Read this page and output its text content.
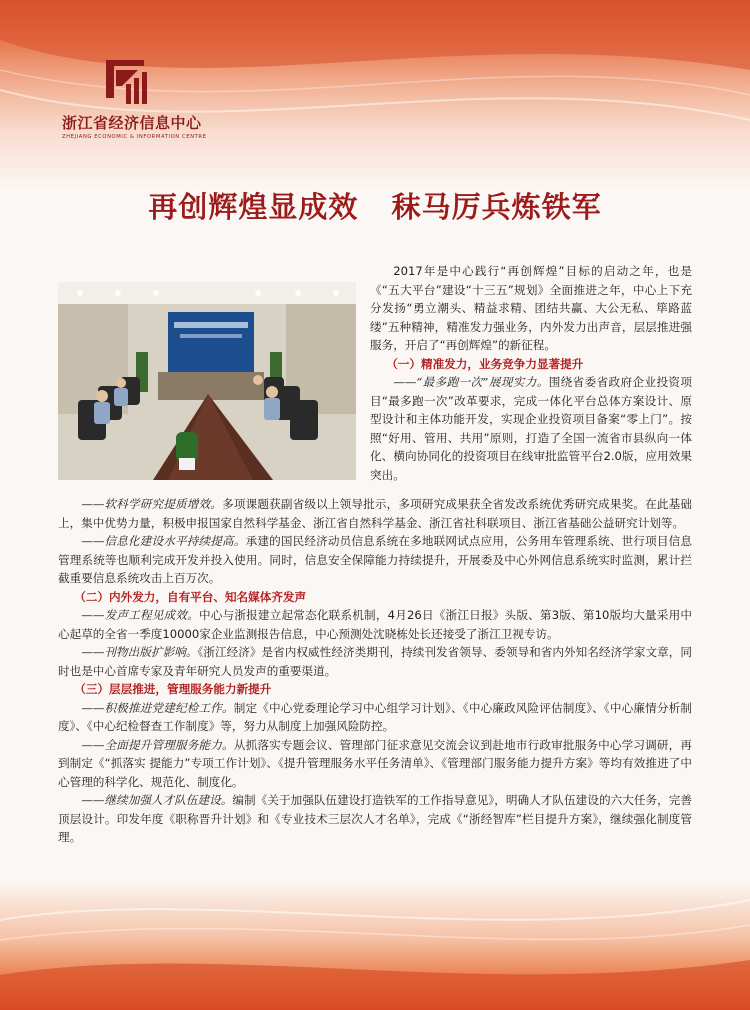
浙江省经济信息中心
ZHEJIANG ECONOMIC & INFORMATION CENTRE
再创辉煌显成效   秣马厉兵炼铁军

2017年是中心践行“再创辉煌”目标的启动之年，也是《“五大平台”建设“十三五”规划》全面推进之年，中心上下充分发扬“勇立潮头、精益求精、团结共赢、大公无私、筚路蓝缕”五种精神，精准发力强业务，内外发力出声音，层层推进强服务，开启了“再创辉煌”的新征程。

（一）精准发力，业务竞争力显著提升

——“最多跑一次”展现实力。围绕省委省政府企业投资项目“最多跑一次”改革要求，完成一体化平台总体方案设计、原型设计和主体功能开发，实现企业投资项目备案“零上门”。按照“好用、管用、共用”原则，打造了全国一流省市县纵向一体化、横向协同化的投资项目在线审批监管平台2.0版，应用效果突出。

——软科学研究提质增效。多项课题获副省级以上领导批示，多项研究成果获全省发改系统优秀研究成果奖。在此基础上，集中优势力量，积极申报国家自然科学基金、浙江省自然科学基金、浙江省社科联项目、浙江省基础公益研究计划等。

——信息化建设水平持续提高。承建的国民经济动员信息系统在多地联网试点应用，公务用车管理系统、世行项目信息管理系统等也顺利完成开发并投入使用。同时，信息安全保障能力持续提升，开展委及中心外网信息系统实时监测，累计拦截重要信息系统攻击上百万次。

（二）内外发力，自有平台、知名媒体齐发声

——发声工程见成效。中心与浙报建立起常态化联系机制，4月26日《浙江日报》头版、第3版、第10版均大量采用中心起草的全省一季度10000家企业监测报告信息，中心预测处沈晓栋处长还接受了浙江卫视专访。

——刊物出版扩影响。《浙江经济》是省内权威性经济类期刊，持续刊发省领导、委领导和省内外知名经济学家文章，同时也是中心首席专家及青年研究人员发声的重要渠道。

（三）层层推进，管理服务能力新提升

——积极推进党建纪检工作。制定《中心党委理论学习中心组学习计划》、《中心廉政风险评估制度》、《中心廉情分析制度》、《中心纪检督查工作制度》等，努力从制度上加强风险防控。

——全面提升管理服务能力。从抓落实专题会议、管理部门征求意见交流会议到赴地市行政审批服务中心学习调研，再到制定《“抓落实 提能力”专项工作计划》、《提升管理服务水平任务清单》、《管理部门服务能力提升方案》等均有效推进了中心管理的科学化、规范化、制度化。

——继续加强人才队伍建设。编制《关于加强队伍建设打造铁军的工作指导意见》，明确人才队伍建设的六大任务，完善顶层设计。印发年度《职称晋升计划》和《专业技术三层次人才名单》，完成《“浙经智库”栏目提升方案》，继续强化制度管理。
